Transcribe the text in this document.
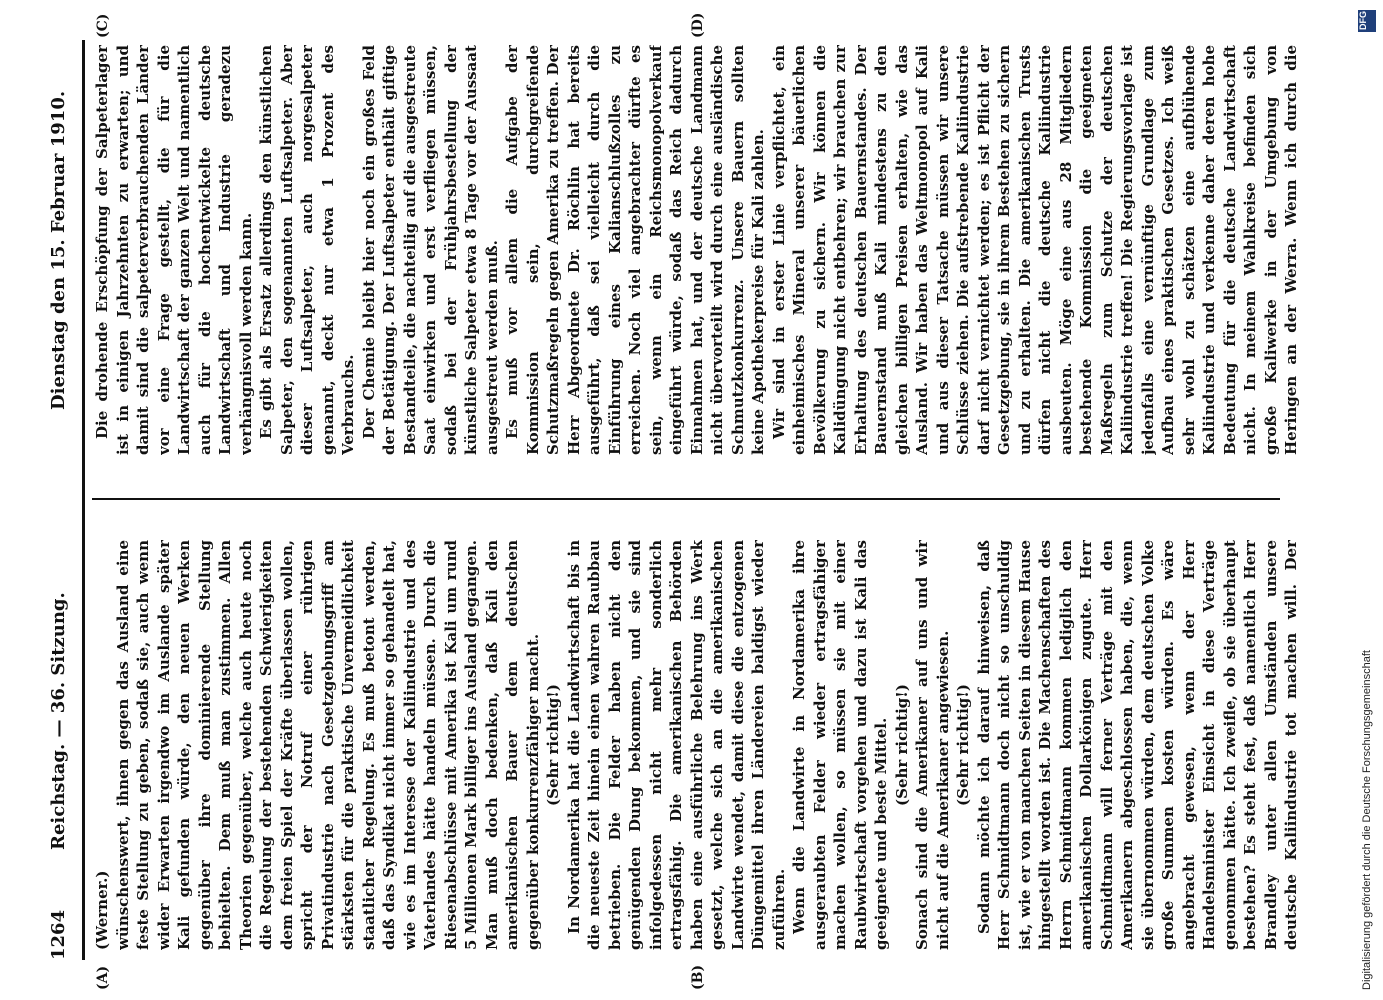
1264
Reichstag. — 36. Sitzung.
Dienstag den 15. Februar 1910.
(A)	(B)
(C)	(D)

(Werner.) wünschenswert, ihnen gegen das Ausland eine feste Stellung zu geben, sodaß sie, auch wenn wider Erwarten irgendwo im Auslande später Kali gefunden würde, den neuen Werken gegenüber ihre dominierende Stellung behielten. Dem muß man zustimmen. Allen Theorien gegenüber, welche auch heute noch die Regelung der bestehenden Schwierigkeiten dem freien Spiel der Kräfte überlassen wollen, spricht der Notruf einer rührigen Privatindustrie nach Gesetzgebungsgriff am stärksten für die praktische Unvermeidlichkeit staatlicher Regelung. Es muß betont werden, daß das Syndikat nicht immer so gehandelt hat, wie es im Interesse der Kaliindustrie und des Vaterlandes hätte handeln müssen. Durch die Riesenabschlüsse mit Amerika ist Kali um rund 5 Millionen Mark billiger ins Ausland gegangen. Man muß doch bedenken, daß Kali den amerikanischen Bauer dem deutschen gegenüber konkurrenzfähiger macht. (Sehr richtig!) In Nordamerika hat die Landwirtschaft bis in die neueste Zeit hinein einen wahren Raubbau betrieben. Die Felder haben nicht den genügenden Dung bekommen, und sie sind infolgedessen nicht mehr sonderlich ertragsfähig. Die amerikanischen Behörden haben eine ausführliche Belehrung ins Werk gesetzt, welche sich an die amerikanischen Landwirte wendet, damit diese die entzogenen Düngemittel ihren Ländereien baldigst wieder zuführen. Wenn die Landwirte in Nordamerika ihre ausgeraubten Felder wieder ertragsfähiger machen wollen, so müssen sie mit einer Raubwirtschaft vorgehen und dazu ist Kali das geeignete und beste Mittel. (Sehr richtig!) Sonach sind die Amerikaner auf uns und wir nicht auf die Amerikaner angewiesen. (Sehr richtig!)

Sodann möchte ich darauf hinweisen, daß Herr Schmidtmann doch nicht so unschuldig ist, wie er von manchen Seiten in diesem Hause hingestellt worden ist. Die Machenschaften des Herrn Schmidtmann kommen lediglich den amerikanischen Dollarkönigen zugute. Herr Schmidtmann will ferner Verträge mit den Amerikanern abgeschlossen haben, die, wenn sie übernommen würden, dem deutschen Volke große Summen kosten würden. Es wäre angebracht gewesen, wenn der Herr Handelsminister Einsicht in diese Verträge genommen hätte. Ich zweifle, ob sie überhaupt bestehen? Es steht fest, daß namentlich Herr Brandley unter allen Umständen unsere deutsche Kaliindustrie tot machen will. Der

Die drohende Erschöpfung der Salpeterlager ist in einigen Jahrzehnten zu erwarten; und damit sind die salpeterverbrauchenden Länder vor eine Frage gestellt, die für die Landwirtschaft der ganzen Welt und namentlich auch für die hochentwickelte deutsche Landwirtschaft und Industrie geradezu verhängnisvoll werden kann. Es gibt als Ersatz allerdings den künstlichen Salpeter, den sogenannten Luftsalpeter. Aber dieser Luftsalpeter, auch norgesalpeter genannt, deckt nur etwa 1 Prozent des Verbrauchs. Der Chemie bleibt hier noch ein großes Feld der Betätigung. Der Luftsalpeter enthält giftige Bestandteile, die nachteilig auf die ausgestreute Saat einwirken und erst verfliegen müssen, sodaß bei der Frühjahrsbestellung der künstliche Salpeter etwa 8 Tage vor der Aussaat ausgestreut werden muß. Es muß vor allem die Aufgabe der Kommission sein, durchgreifende Schutzmaßregeln gegen Amerika zu treffen. Der Herr Abgeordnete Dr. Röchlin hat bereits ausgeführt, daß sei vielleicht durch die Einführung eines Kalianschlußzolles zu erreichen. Noch viel angebrachter dürfte es sein, wenn ein Reichsmonopolverkauf eingeführt würde, sodaß das Reich dadurch Einnahmen hat, und der deutsche Landmann nicht übervorteilt wird durch eine ausländische Schmutzkonkurrenz. Unsere Bauern sollten keine Apothekerpreise für Kali zahlen. Wir sind in erster Linie verpflichtet, ein einheimisches Mineral unserer bäuerlichen Bevölkerung zu sichern. Wir können die Kalidüngung nicht entbehren; wir brauchen zur Erhaltung des deutschen Bauernstandes. Der Bauernstand muß Kali mindestens zu den gleichen billigen Preisen erhalten, wie das Ausland. Wir haben das Weltmonopol auf Kali und aus dieser Tatsache müssen wir unsere Schlüsse ziehen. Die aufstrebende Kaliindustrie darf nicht vernichtet werden; es ist Pflicht der Gesetzgebung, sie in ihrem Bestehen zu sichern und zu erhalten. Die amerikanischen Trusts dürfen nicht die deutsche Kaliindustrie ausbeuten. Möge eine aus 28 Mitgliedern bestehende Kommission die geeigneten Maßregeln zum Schutze der deutschen Kaliindustrie treffen! Die Regierungsvorlage ist jedenfalls eine vernünftige Grundlage zum Aufbau eines praktischen Gesetzes. Ich weiß sehr wohl zu schätzen eine aufblühende Kaliindustrie und verkenne daher deren hohe Bedeutung für die deutsche Landwirtschaft nicht. In meinem Wahlkreise befinden sich große Kaliwerke in der Umgebung von Heringen an der Werra. Wenn ich durch die

DFG
Digitalisierung gefördert durch die Deutsche Forschungsgemeinschaft
